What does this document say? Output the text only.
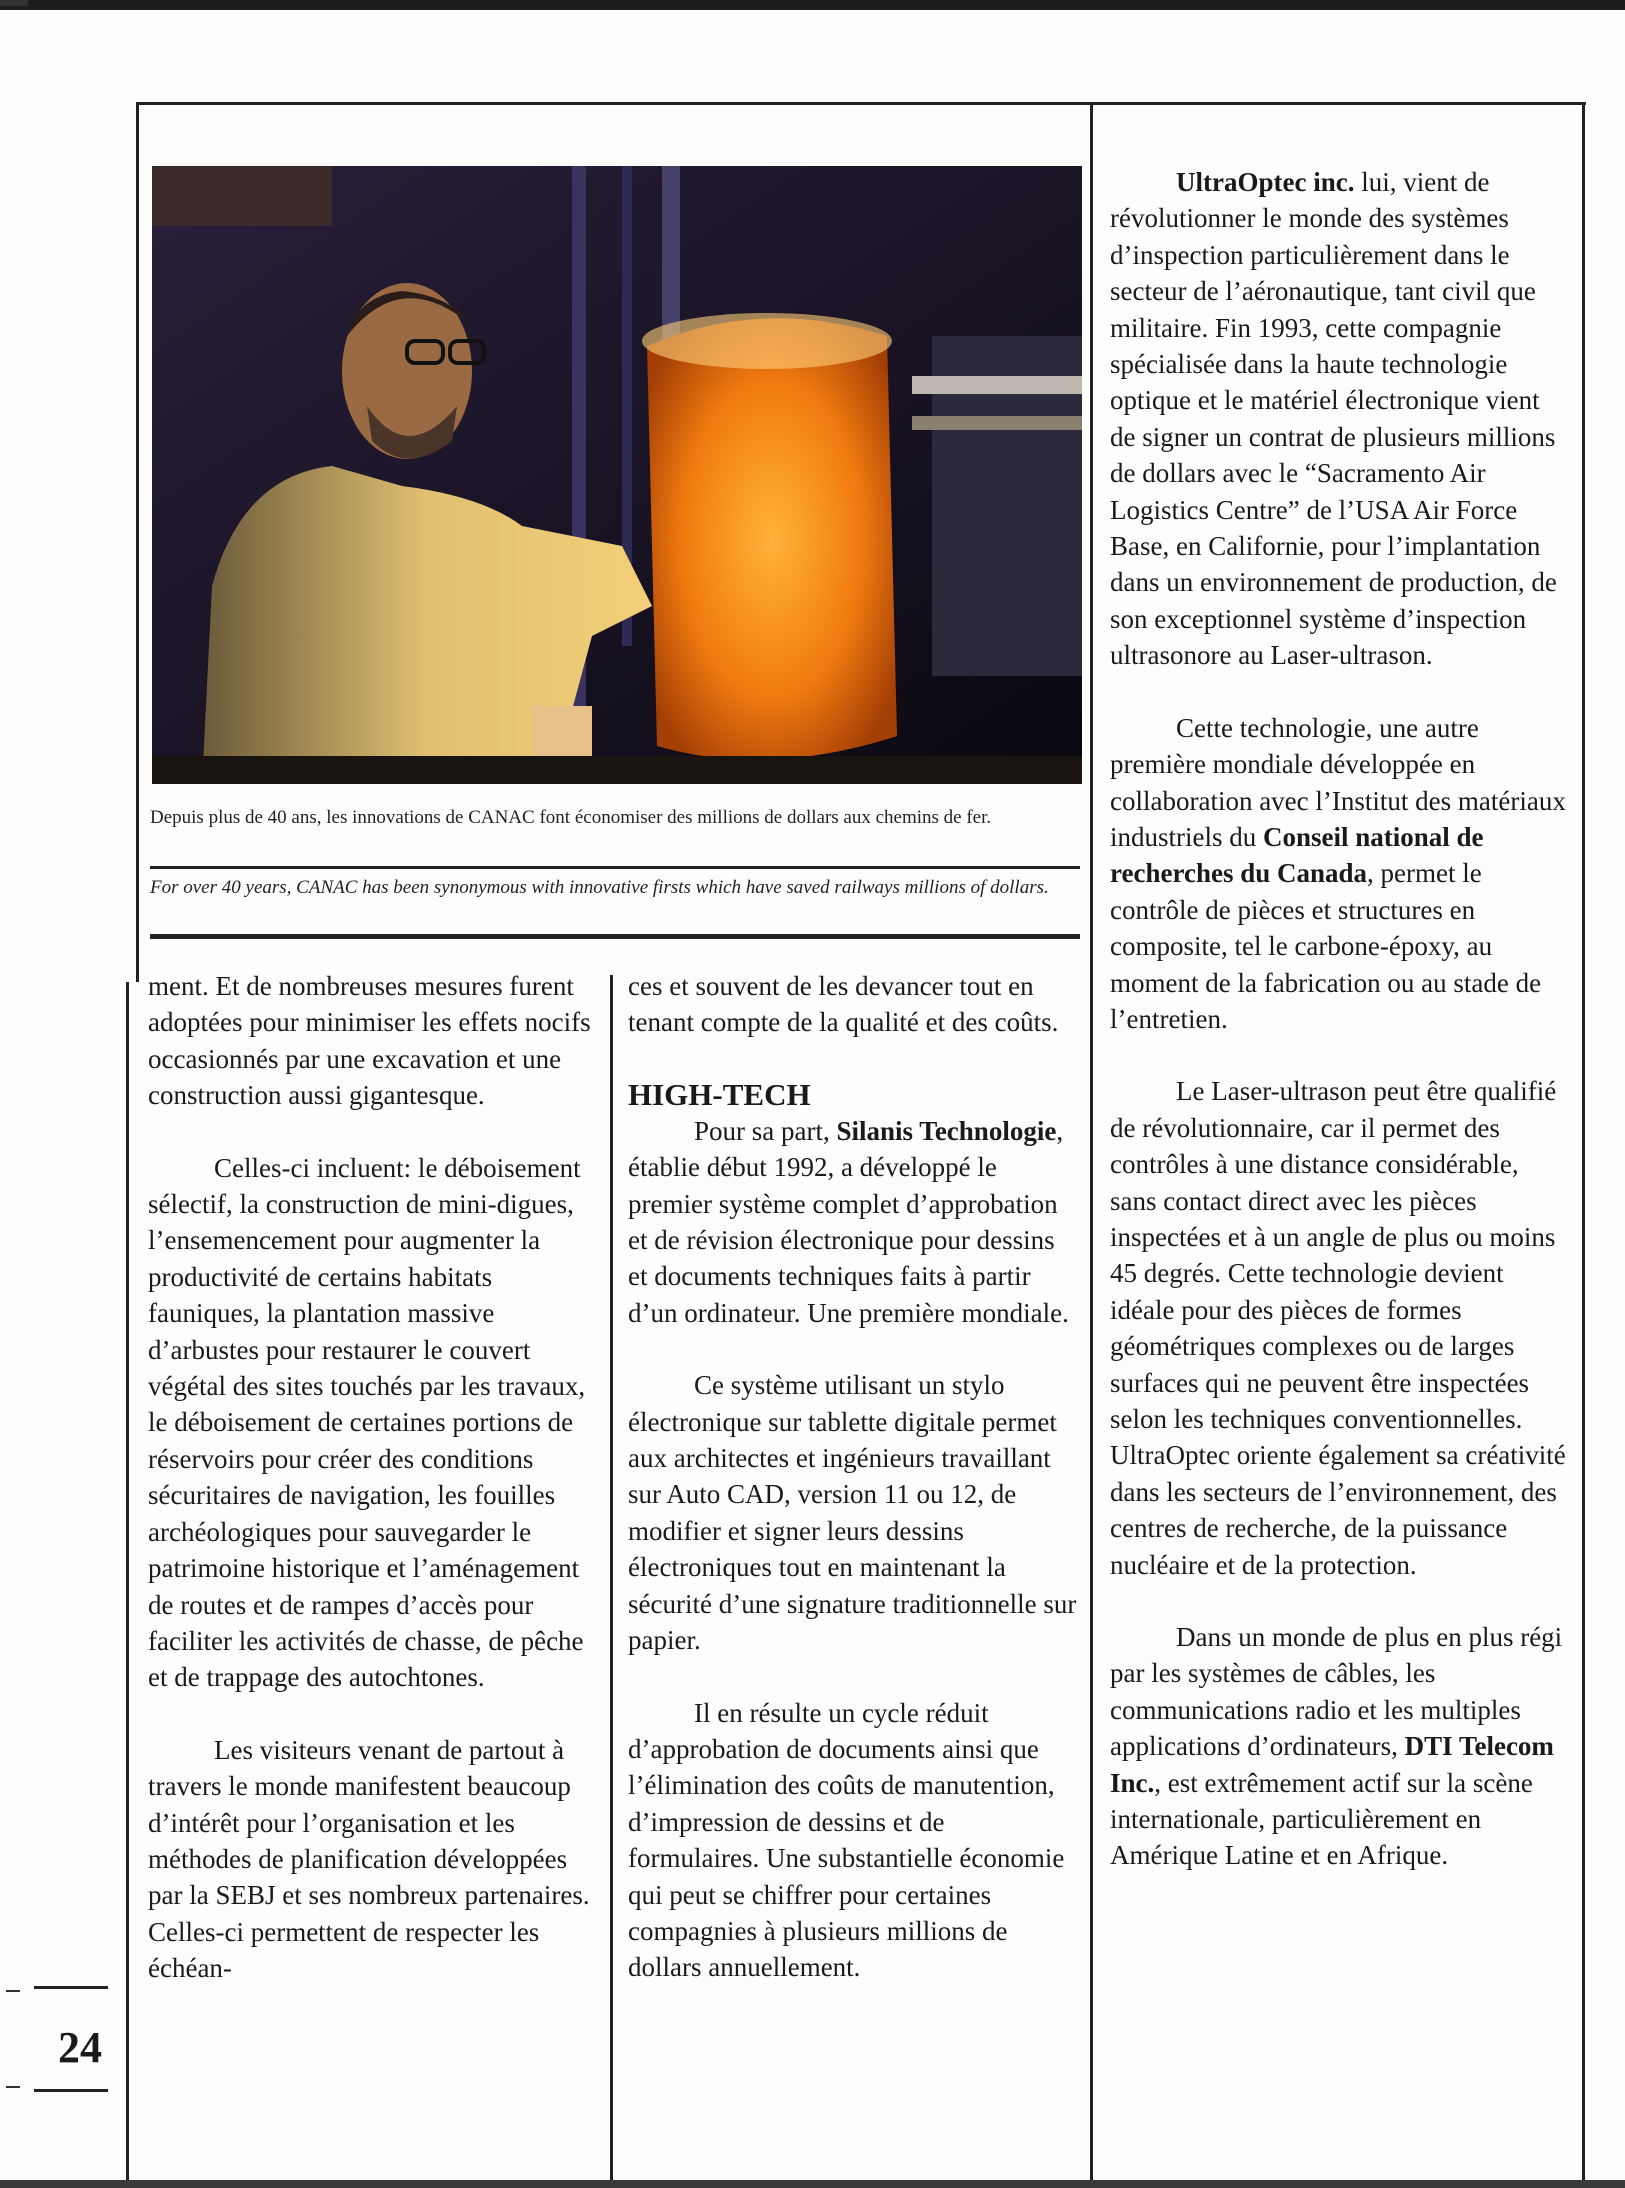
Depuis plus de 40 ans, les innovations de CANAC font économiser des millions de dollars aux chemins de fer.
For over 40 years, CANAC has been synonymous with innovative firsts which have saved railways millions of dollars.

ment. Et de nombreuses mesures furent adoptées pour minimiser les effets nocifs occasionnés par une excavation et une construction aussi gigantesque.

Celles-ci incluent: le déboisement sélectif, la construction de mini-digues, l’ensemencement pour augmenter la productivité de certains habitats fauniques, la plantation massive d’arbustes pour restaurer le couvert végétal des sites touchés par les travaux, le déboisement de certaines portions de réservoirs pour créer des conditions sécuritaires de navigation, les fouilles archéologiques pour sauvegarder le patrimoine historique et l’aménagement de routes et de rampes d’accès pour faciliter les activités de chasse, de pêche et de trappage des autochtones.

Les visiteurs venant de partout à travers le monde manifestent beaucoup d’intérêt pour l’organisation et les méthodes de planification développées par la SEBJ et ses nombreux partenaires. Celles-ci permettent de respecter les échéan-

ces et souvent de les devancer tout en tenant compte de la qualité et des coûts.

HIGH-TECH

Pour sa part, Silanis Technologie, établie début 1992, a développé le premier système complet d’approbation et de révision électronique pour dessins et documents techniques faits à partir d’un ordinateur. Une première mondiale.

Ce système utilisant un stylo électronique sur tablette digitale permet aux architectes et ingénieurs travaillant sur Auto CAD, version 11 ou 12, de modifier et signer leurs dessins électroniques tout en maintenant la sécurité d’une signature traditionnelle sur papier.

Il en résulte un cycle réduit d’approbation de documents ainsi que l’élimination des coûts de manutention, d’impression de dessins et de formulaires. Une substantielle économie qui peut se chiffrer pour certaines compagnies à plusieurs millions de dollars annuellement.

UltraOptec inc. lui, vient de révolutionner le monde des systèmes d’inspection particulièrement dans le secteur de l’aéronautique, tant civil que militaire. Fin 1993, cette compagnie spécialisée dans la haute technologie optique et le matériel électronique vient de signer un contrat de plusieurs millions de dollars avec le “Sacramento Air Logistics Centre” de l’USA Air Force Base, en Californie, pour l’implantation dans un environnement de production, de son exceptionnel système d’inspection ultrasonore au Laser-ultrason.

Cette technologie, une autre première mondiale développée en collaboration avec l’Institut des matériaux industriels du Conseil national de recherches du Canada, permet le contrôle de pièces et structures en composite, tel le carbone-époxy, au moment de la fabrication ou au stade de l’entretien.

Le Laser-ultrason peut être qualifié de révolutionnaire, car il permet des contrôles à une distance considérable, sans contact direct avec les pièces inspectées et à un angle de plus ou moins 45 degrés. Cette technologie devient idéale pour des pièces de formes géométriques complexes ou de larges surfaces qui ne peuvent être inspectées selon les techniques conventionnelles. UltraOptec oriente également sa créativité dans les secteurs de l’environnement, des centres de recherche, de la puissance nucléaire et de la protection.

Dans un monde de plus en plus régi par les systèmes de câbles, les communications radio et les multiples applications d’ordinateurs, DTI Telecom Inc., est extrêmement actif sur la scène internationale, particulièrement en Amérique Latine et en Afrique.

24
